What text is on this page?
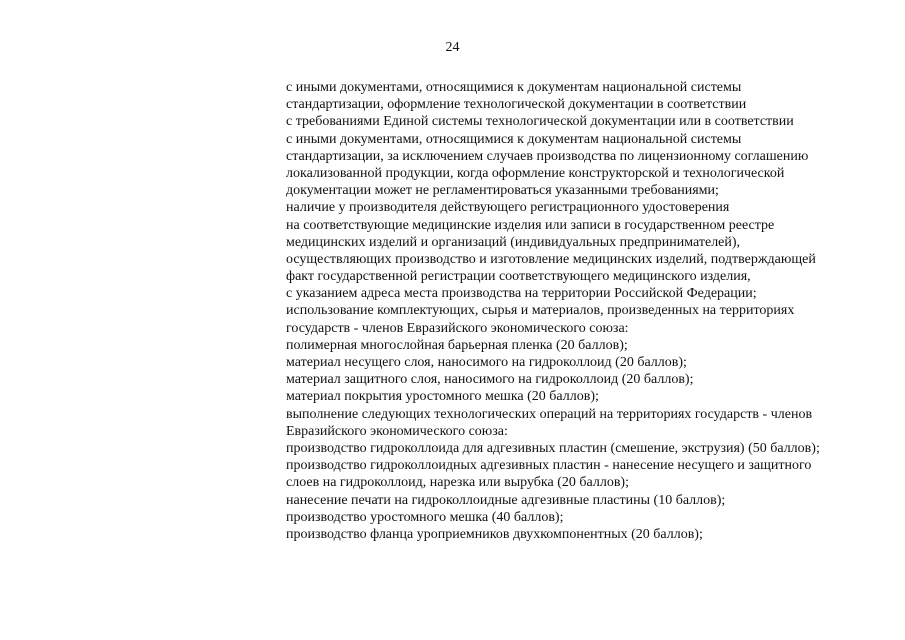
24
с иными документами, относящимися к документам национальной системы
стандартизации, оформление технологической документации в соответствии
с требованиями Единой системы технологической документации или в соответствии
с иными документами, относящимися к документам национальной системы
стандартизации, за исключением случаев производства по лицензионному соглашению
локализованной продукции, когда оформление конструкторской и технологической
документации может не регламентироваться указанными требованиями;
наличие у производителя действующего регистрационного удостоверения
на соответствующие медицинские изделия или записи в государственном реестре
медицинских изделий и организаций (индивидуальных предпринимателей),
осуществляющих производство и изготовление медицинских изделий, подтверждающей
факт государственной регистрации соответствующего медицинского изделия,
с указанием адреса места производства на территории Российской Федерации;
использование комплектующих, сырья и материалов, произведенных на территориях
государств - членов Евразийского экономического союза:
полимерная многослойная барьерная пленка (20 баллов);
материал несущего слоя, наносимого на гидроколлоид (20 баллов);
материал защитного слоя, наносимого на гидроколлоид (20 баллов);
материал покрытия уростомного мешка (20 баллов);
выполнение следующих технологических операций на территориях государств - членов
Евразийского экономического союза:
производство гидроколлоида для адгезивных пластин (смешение, экструзия) (50 баллов);
производство гидроколлоидных адгезивных пластин - нанесение несущего и защитного
слоев на гидроколлоид, нарезка или вырубка (20 баллов);
нанесение печати на гидроколлоидные адгезивные пластины (10 баллов);
производство уростомного мешка (40 баллов);
производство фланца уроприемников двухкомпонентных (20 баллов);
